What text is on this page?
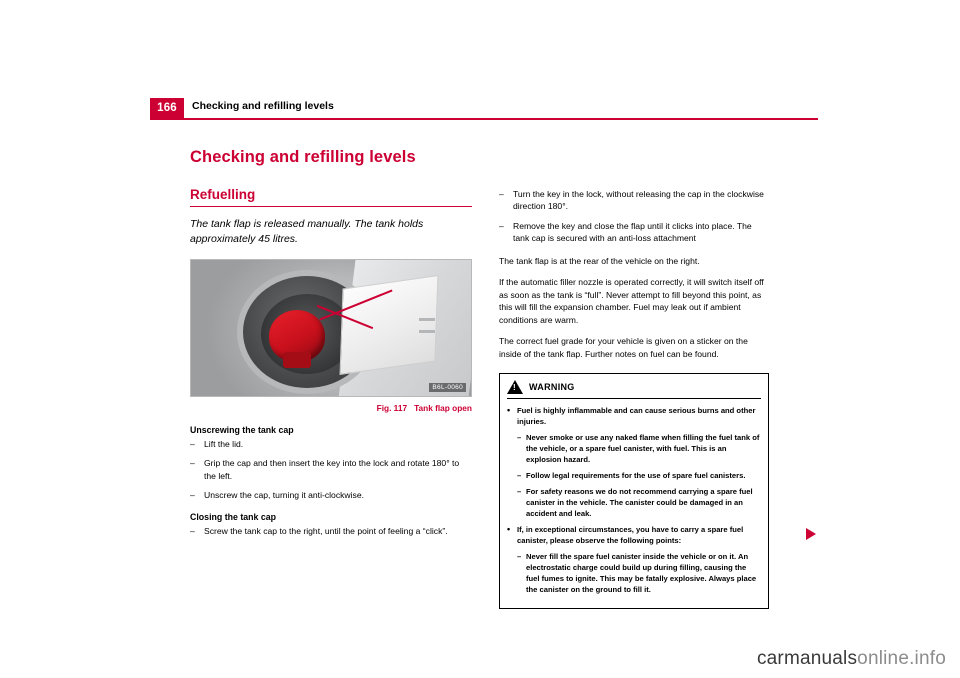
166	Checking and refilling levels
Checking and refilling levels
Refuelling

The tank flap is released manually. The tank holds approximately 45 litres.

B6L-0060
Fig. 117 Tank flap open
Unscrewing the tank cap
– Lift the lid.
– Grip the cap and then insert the key into the lock and rotate 180° to the left.
– Unscrew the cap, turning it anti-clockwise.
Closing the tank cap
– Screw the tank cap to the right, until the point of feeling a “click”.
– Turn the key in the lock, without releasing the cap in the clockwise direction 180°.
– Remove the key and close the flap until it clicks into place. The tank cap is secured with an anti-loss attachment

The tank flap is at the rear of the vehicle on the right.

If the automatic filler nozzle is operated correctly, it will switch itself off as soon as the tank is “full”. Never attempt to fill beyond this point, as this will fill the expansion chamber. Fuel may leak out if ambient conditions are warm.

The correct fuel grade for your vehicle is given on a sticker on the inside of the tank flap. Further notes on fuel can be found.

!
WARNING
• Fuel is highly inflammable and can cause serious burns and other injuries.
– Never smoke or use any naked flame when filling the fuel tank of the vehicle, or a spare fuel canister, with fuel. This is an explosion hazard.
– Follow legal requirements for the use of spare fuel canisters.
– For safety reasons we do not recommend carrying a spare fuel canister in the vehicle. The canister could be damaged in an accident and leak.
• If, in exceptional circumstances, you have to carry a spare fuel canister, please observe the following points:
– Never fill the spare fuel canister inside the vehicle or on it. An electrostatic charge could build up during filling, causing the fuel fumes to ignite. This may be fatally explosive. Always place the canister on the ground to fill it.
carmanualsonline.info
